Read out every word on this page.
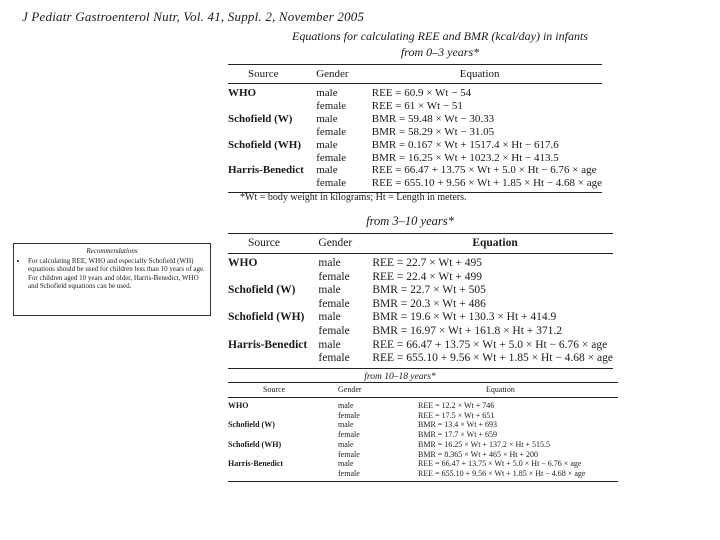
J Pediatr Gastroenterol Nutr, Vol. 41, Suppl. 2, November 2005
Equations for calculating REE and BMR (kcal/day) in infants
from 0–3 years*
Source	Gender	Equation
WHO	male	REE = 60.9 × Wt − 54
	female	REE = 61 × Wt − 51
Schofield (W)	male	BMR = 59.48 × Wt − 30.33
	female	BMR = 58.29 × Wt − 31.05
Schofield (WH)	male	BMR = 0.167 × Wt + 1517.4 × Ht − 617.6
	female	BMR = 16.25 × Wt + 1023.2 × Ht − 413.5
Harris-Benedict	male	REE = 66.47 + 13.75 × Wt + 5.0 × Ht − 6.76 × age
	female	REE = 655.10 + 9.56 × Wt + 1.85 × Ht − 4.68 × age
*Wt = body weight in kilograms; Ht = Length in meters.
from 3–10 years*
Source	Gender	Equation
WHO	male	REE = 22.7 × Wt + 495
	female	REE = 22.4 × Wt + 499
Schofield (W)	male	BMR = 22.7 × Wt + 505
	female	BMR = 20.3 × Wt + 486
Schofield (WH)	male	BMR = 19.6 × Wt + 130.3 × Ht + 414.9
	female	BMR = 16.97 × Wt + 161.8 × Ht + 371.2
Harris-Benedict	male	REE = 66.47 + 13.75 × Wt + 5.0 × Ht − 6.76 × age
	female	REE = 655.10 + 9.56 × Wt + 1.85 × Ht − 4.68 × age
Recommendations
• For calculating REE, WHO and especially Schofield (WH) equations should be used for children less than 10 years of age. For children aged 10 years and older, Harris-Benedict, WHO and Schofield equations can be used.
from 10–18 years*
Source	Gender	Equation
WHO	male	REE = 12.2 × Wt + 746
	female	REE = 17.5 × Wt + 651
Schofield (W)	male	BMR = 13.4 × Wt + 693
	female	BMR = 17.7 × Wt + 659
Schofield (WH)	male	BMR = 16.25 × Wt + 137.2 × Ht + 515.5
	female	BMR = 8.365 × Wt + 465 × Ht + 200
Harris-Benedict	male	REE = 66.47 + 13.75 × Wt + 5.0 × Ht − 6.76 × age
	female	REE = 655.10 + 9.56 × Wt + 1.85 × Ht − 4.68 × age
